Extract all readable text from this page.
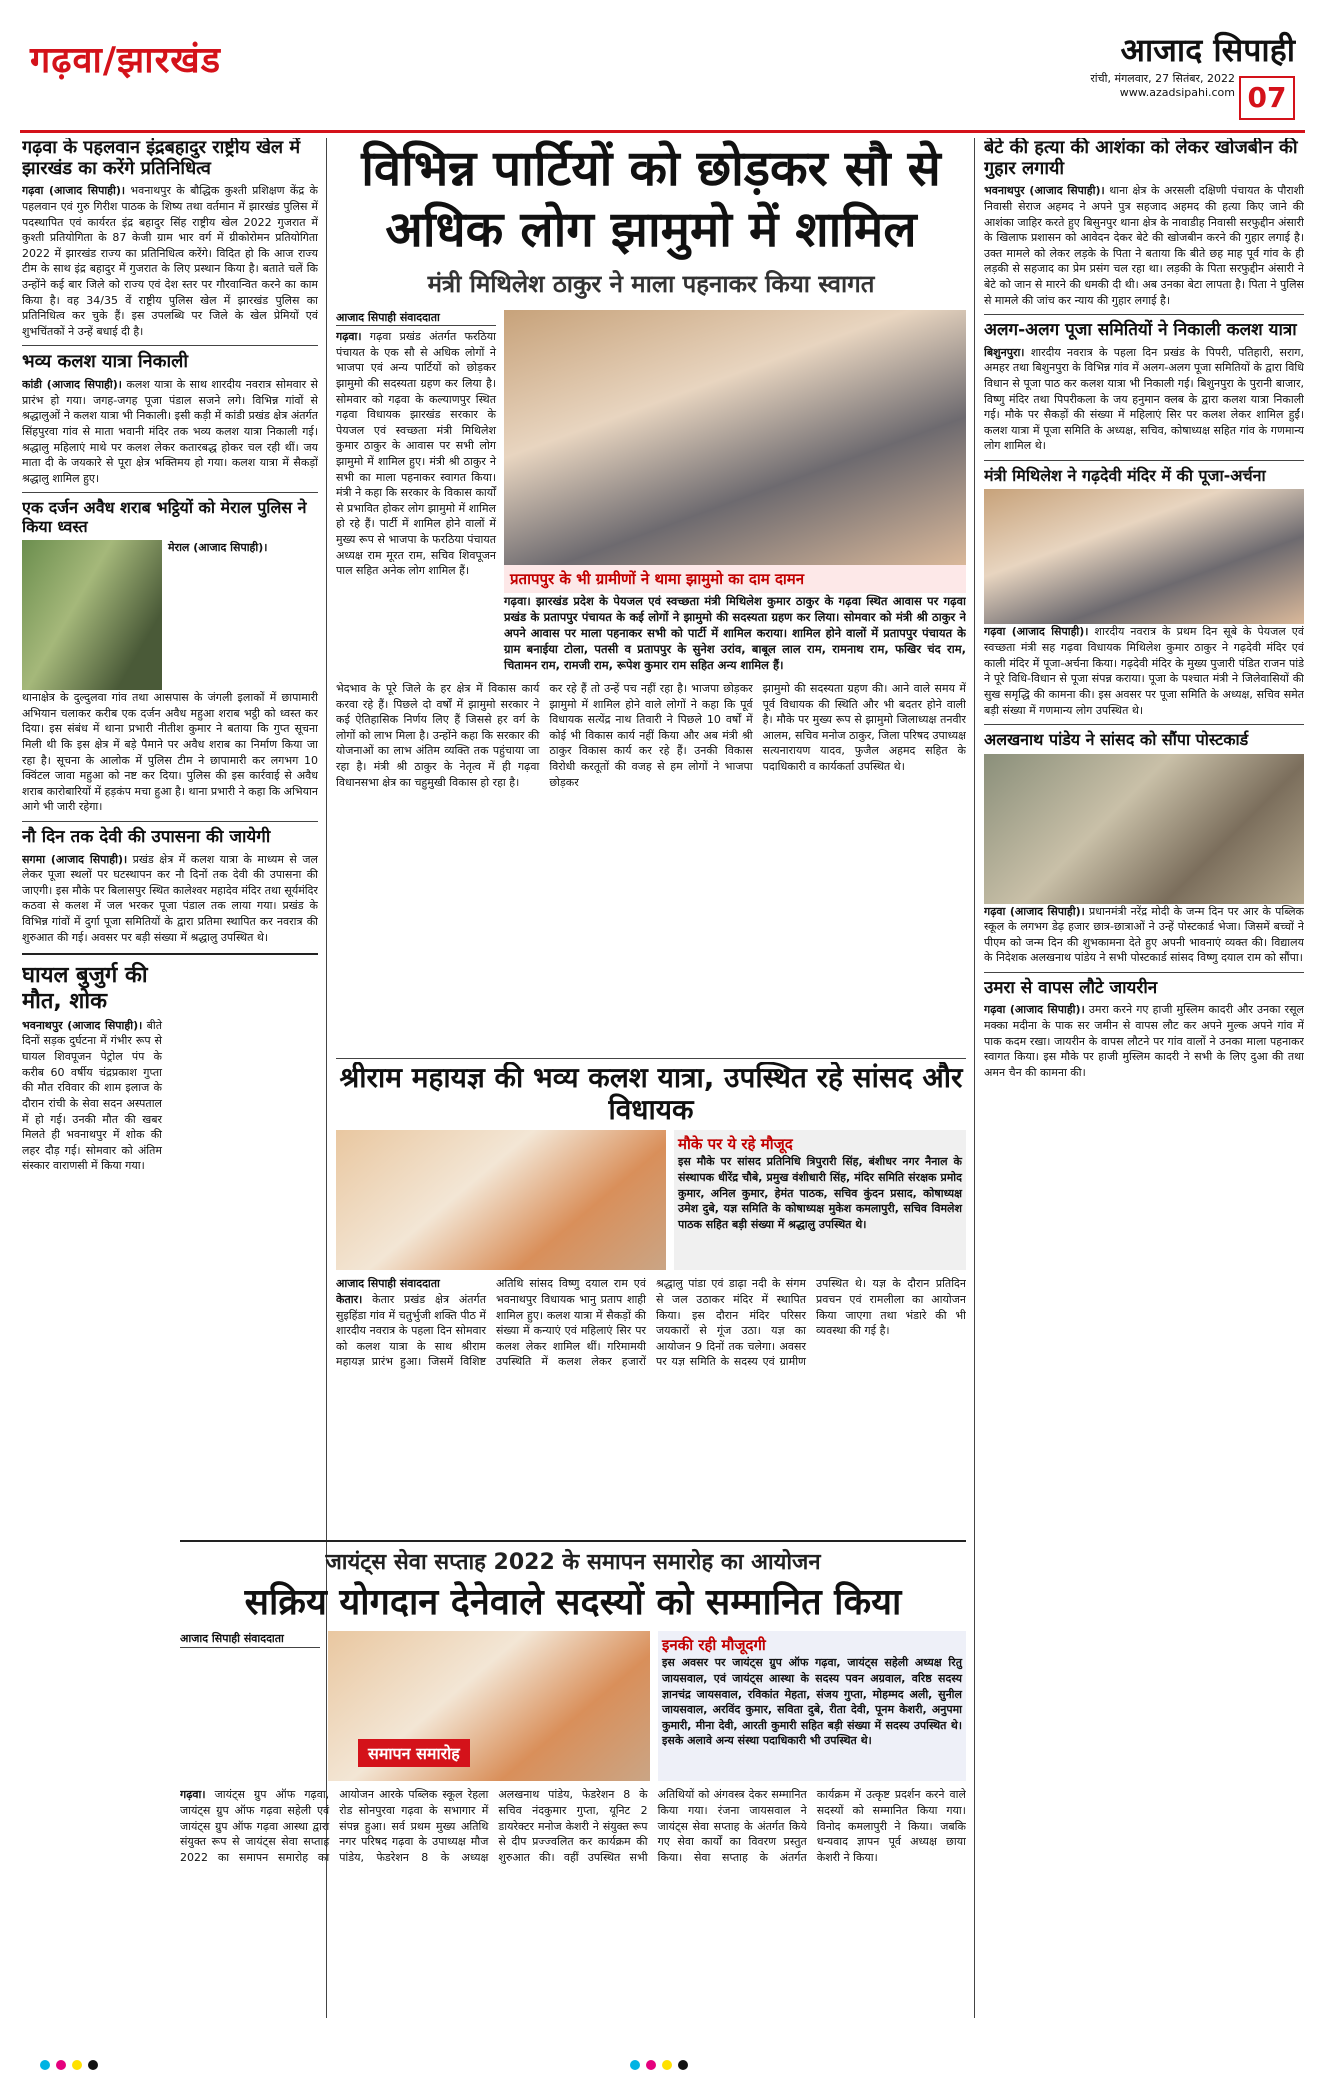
गढ़वा/झारखंड	आजाद सिपाही
रांची, मंगलवार, 27 सितंबर, 2022
www.azadsipahi.com 07
गढ़वा के पहलवान इंद्रबहादुर राष्ट्रीय खेल में झारखंड का करेंगे प्रतिनिधित्व
गढ़वा (आजाद सिपाही)। भवनाथपुर के बौद्धिक कुश्ती प्रशिक्षण केंद्र के पहलवान एवं गुरु गिरीश पाठक के शिष्य तथा वर्तमान में झारखंड पुलिस में पदस्थापित एवं कार्यरत इंद्र बहादुर सिंह राष्ट्रीय खेल 2022 गुजरात में कुश्ती प्रतियोगिता के 87 केजी ग्राम भार वर्ग में ग्रीकोरोमन प्रतियोगिता 2022 में झारखंड राज्य का प्रतिनिधित्व करेंगे। विदित हो कि आज राज्य टीम के साथ इंद्र बहादुर में गुजरात के लिए प्रस्थान किया है। बताते चलें कि उन्होंने कई बार जिले को राज्य एवं देश स्तर पर गौरवान्वित करने का काम किया है। वह 34/35 वें राष्ट्रीय पुलिस खेल में झारखंड पुलिस का प्रतिनिधित्व कर चुके हैं। इस उपलब्धि पर जिले के खेल प्रेमियों एवं शुभचिंतकों ने उन्हें बधाई दी है।
भव्य कलश यात्रा निकाली
कांडी (आजाद सिपाही)। कलश यात्रा के साथ शारदीय नवरात्र सोमवार से प्रारंभ हो गया। जगह-जगह पूजा पंडाल सजने लगे। विभिन्न गांवों से श्रद्धालुओं ने कलश यात्रा भी निकाली। इसी कड़ी में कांडी प्रखंड क्षेत्र अंतर्गत सिंहपुरवा गांव से माता भवानी मंदिर तक भव्य कलश यात्रा निकाली गई। श्रद्धालु महिलाएं माथे पर कलश लेकर कतारबद्ध होकर चल रही थीं। जय माता दी के जयकारे से पूरा क्षेत्र भक्तिमय हो गया। कलश यात्रा में सैकड़ों श्रद्धालु शामिल हुए।
एक दर्जन अवैध शराब भट्ठियों को मेराल पुलिस ने किया ध्वस्त
मेराल (आजाद सिपाही)।
थानाक्षेत्र के दुल्दुलवा गांव तथा आसपास के जंगली इलाकों में छापामारी अभियान चलाकर करीब एक दर्जन अवैध महुआ शराब भट्ठी को ध्वस्त कर दिया। इस संबंध में थाना प्रभारी नीतीश कुमार ने बताया कि गुप्त सूचना मिली थी कि इस क्षेत्र में बड़े पैमाने पर अवैध शराब का निर्माण किया जा रहा है। सूचना के आलोक में पुलिस टीम ने छापामारी कर लगभग 10 क्विंटल जावा महुआ को नष्ट कर दिया। पुलिस की इस कार्रवाई से अवैध शराब कारोबारियों में हड़कंप मचा हुआ है। थाना प्रभारी ने कहा कि अभियान आगे भी जारी रहेगा।
नौ दिन तक देवी की उपासना की जायेगी
सगमा (आजाद सिपाही)। प्रखंड क्षेत्र में कलश यात्रा के माध्यम से जल लेकर पूजा स्थलों पर घटस्थापन कर नौ दिनों तक देवी की उपासना की जाएगी। इस मौके पर बिलासपुर स्थित कालेश्वर महादेव मंदिर तथा सूर्यमंदिर कठवा से कलश में जल भरकर पूजा पंडाल तक लाया गया। प्रखंड के विभिन्न गांवों में दुर्गा पूजा समितियों के द्वारा प्रतिमा स्थापित कर नवरात्र की शुरुआत की गई। अवसर पर बड़ी संख्या में श्रद्धालु उपस्थित थे।
घायल बुजुर्ग की मौत, शोक
भवनाथपुर (आजाद सिपाही)। बीते दिनों सड़क दुर्घटना में गंभीर रूप से घायल शिवपूजन पेट्रोल पंप के करीब 60 वर्षीय चंद्रप्रकाश गुप्ता की मौत रविवार की शाम इलाज के दौरान रांची के सेवा सदन अस्पताल में हो गई। उनकी मौत की खबर मिलते ही भवनाथपुर में शोक की लहर दौड़ गई। सोमवार को अंतिम संस्कार वाराणसी में किया गया।
विभिन्न पार्टियों को छोड़कर सौ से अधिक लोग झामुमो में शामिल
मंत्री मिथिलेश ठाकुर ने माला पहनाकर किया स्वागत
आजाद सिपाही संवाददाता
गढ़वा। गढ़वा प्रखंड अंतर्गत फरठिया पंचायत के एक सौ से अधिक लोगों ने भाजपा एवं अन्य पार्टियों को छोड़कर झामुमो की सदस्यता ग्रहण कर लिया है। सोमवार को गढ़वा के कल्याणपुर स्थित गढ़वा विधायक झारखंड सरकार के पेयजल एवं स्वच्छता मंत्री मिथिलेश कुमार ठाकुर के आवास पर सभी लोग झामुमो में शामिल हुए। मंत्री श्री ठाकुर ने सभी का माला पहनाकर स्वागत किया। मंत्री ने कहा कि सरकार के विकास कार्यों से प्रभावित होकर लोग झामुमो में शामिल हो रहे हैं। पार्टी में शामिल होने वालों में मुख्य रूप से भाजपा के फरठिया पंचायत अध्यक्ष राम मूरत राम, सचिव शिवपूजन पाल सहित अनेक लोग शामिल हैं।	प्रतापपुर के भी ग्रामीणों ने थामा झामुमो का दाम दामन
गढ़वा। झारखंड प्रदेश के पेयजल एवं स्वच्छता मंत्री मिथिलेश कुमार ठाकुर के गढ़वा स्थित आवास पर गढ़वा प्रखंड के प्रतापपुर पंचायत के कई लोगों ने झामुमो की सदस्यता ग्रहण कर लिया। सोमवार को मंत्री श्री ठाकुर ने अपने आवास पर माला पहनाकर सभी को पार्टी में शामिल कराया। शामिल होने वालों में प्रतापपुर पंचायत के ग्राम बनाईया टोला, पतसी व प्रतापपुर के सुनेश उरांव, बाबूल लाल राम, रामनाथ राम, फखिर चंद राम, चितामन राम, रामजी राम, रूपेश कुमार राम सहित अन्य शामिल हैं।
भेदभाव के पूरे जिले के हर क्षेत्र में विकास कार्य करवा रहे हैं। पिछले दो वर्षों में झामुमो सरकार ने कई ऐतिहासिक निर्णय लिए हैं जिससे हर वर्ग के लोगों को लाभ मिला है। उन्होंने कहा कि सरकार की योजनाओं का लाभ अंतिम व्यक्ति तक पहुंचाया जा रहा है। मंत्री श्री ठाकुर के नेतृत्व में ही गढ़वा विधानसभा क्षेत्र का चहुमुखी विकास हो रहा है।
कर रहे हैं तो उन्हें पच नहीं रहा है। भाजपा छोड़कर झामुमो में शामिल होने वाले लोगों ने कहा कि पूर्व विधायक सत्येंद्र नाथ तिवारी ने पिछले 10 वर्षों में कोई भी विकास कार्य नहीं किया और अब मंत्री श्री ठाकुर विकास कार्य कर रहे हैं। उनकी विकास विरोधी करतूतों की वजह से हम लोगों ने भाजपा छोड़कर
झामुमो की सदस्यता ग्रहण की। आने वाले समय में पूर्व विधायक की स्थिति और भी बदतर होने वाली है। मौके पर मुख्य रूप से झामुमो जिलाध्यक्ष तनवीर आलम, सचिव मनोज ठाकुर, जिला परिषद उपाध्यक्ष सत्यनारायण यादव, फुजैल अहमद सहित के पदाधिकारी व कार्यकर्ता उपस्थित थे।
श्रीराम महायज्ञ की भव्य कलश यात्रा, उपस्थित रहे सांसद और विधायक
मौके पर ये रहे मौजूद
इस मौके पर सांसद प्रतिनिधि त्रिपुरारी सिंह, बंशीधर नगर नैनाल के संस्थापक धीरेंद्र चौबे, प्रमुख वंशीधारी सिंह, मंदिर समिति संरक्षक प्रमोद कुमार, अनिल कुमार, हेमंत पाठक, सचिव कुंदन प्रसाद, कोषाध्यक्ष उमेश दुबे, यज्ञ समिति के कोषाध्यक्ष मुकेश कमलापुरी, सचिव विमलेश पाठक सहित बड़ी संख्या में श्रद्धालु उपस्थित थे।
आजाद सिपाही संवाददाता
केतार। केतार प्रखंड क्षेत्र अंतर्गत सुइहिंडा गांव में चतुर्भुजी शक्ति पीठ में शारदीय नवरात्र के पहला दिन सोमवार को कलश यात्रा के साथ श्रीराम महायज्ञ प्रारंभ हुआ। जिसमें विशिष्ट अतिथि सांसद विष्णु दयाल राम एवं भवनाथपुर विधायक भानु प्रताप शाही शामिल हुए। कलश यात्रा में सैकड़ों की संख्या में कन्याएं एवं महिलाएं सिर पर कलश लेकर शामिल थीं। गरिमामयी उपस्थिति में कलश लेकर हजारों श्रद्धालु पांडा एवं डाढ़ा नदी के संगम से जल उठाकर मंदिर में स्थापित किया। इस दौरान मंदिर परिसर जयकारों से गूंज उठा। यज्ञ का आयोजन 9 दिनों तक चलेगा। अवसर पर यज्ञ समिति के सदस्य एवं ग्रामीण उपस्थित थे। यज्ञ के दौरान प्रतिदिन प्रवचन एवं रामलीला का आयोजन किया जाएगा तथा भंडारे की भी व्यवस्था की गई है।
बेटे की हत्या की आशंका को लेकर खोजबीन की गुहार लगायी
भवनाथपुर (आजाद सिपाही)। थाना क्षेत्र के अरसली दक्षिणी पंचायत के पौराशी निवासी सेराज अहमद ने अपने पुत्र सहजाद अहमद की हत्या किए जाने की आशंका जाहिर करते हुए बिसुनपुर थाना क्षेत्र के नावाडीह निवासी सरफुद्दीन अंसारी के खिलाफ प्रशासन को आवेदन देकर बेटे की खोजबीन करने की गुहार लगाई है। उक्त मामले को लेकर लड़के के पिता ने बताया कि बीते छह माह पूर्व गांव के ही लड़की से सहजाद का प्रेम प्रसंग चल रहा था। लड़की के पिता सरफुद्दीन अंसारी ने बेटे को जान से मारने की धमकी दी थी। अब उनका बेटा लापता है। पिता ने पुलिस से मामले की जांच कर न्याय की गुहार लगाई है।
अलग-अलग पूजा समितियों ने निकाली कलश यात्रा
बिशुनपुरा। शारदीय नवरात्र के पहला दिन प्रखंड के पिपरी, पतिहारी, सराग, अमहर तथा बिशुनपुरा के विभिन्न गांव में अलग-अलग पूजा समितियों के द्वारा विधि विधान से पूजा पाठ कर कलश यात्रा भी निकाली गई। बिशुनपुरा के पुरानी बाजार, विष्णु मंदिर तथा पिपरीकला के जय हनुमान क्लब के द्वारा कलश यात्रा निकाली गई। मौके पर सैकड़ों की संख्या में महिलाएं सिर पर कलश लेकर शामिल हुईं। कलश यात्रा में पूजा समिति के अध्यक्ष, सचिव, कोषाध्यक्ष सहित गांव के गणमान्य लोग शामिल थे।
मंत्री मिथिलेश ने गढ़देवी मंदिर में की पूजा-अर्चना
गढ़वा (आजाद सिपाही)। शारदीय नवरात्र के प्रथम दिन सूबे के पेयजल एवं स्वच्छता मंत्री सह गढ़वा विधायक मिथिलेश कुमार ठाकुर ने गढ़देवी मंदिर एवं काली मंदिर में पूजा-अर्चना किया। गढ़देवी मंदिर के मुख्य पुजारी पंडित राजन पांडे ने पूरे विधि-विधान से पूजा संपन्न कराया। पूजा के पश्चात मंत्री ने जिलेवासियों की सुख समृद्धि की कामना की। इस अवसर पर पूजा समिति के अध्यक्ष, सचिव समेत बड़ी संख्या में गणमान्य लोग उपस्थित थे।
अलखनाथ पांडेय ने सांसद को सौंपा पोस्टकार्ड
गढ़वा (आजाद सिपाही)। प्रधानमंत्री नरेंद्र मोदी के जन्म दिन पर आर के पब्लिक स्कूल के लगभग डेढ़ हजार छात्र-छात्राओं ने उन्हें पोस्टकार्ड भेजा। जिसमें बच्चों ने पीएम को जन्म दिन की शुभकामना देते हुए अपनी भावनाएं व्यक्त की। विद्यालय के निदेशक अलखनाथ पांडेय ने सभी पोस्टकार्ड सांसद विष्णु दयाल राम को सौंपा।
उमरा से वापस लौटे जायरीन
गढ़वा (आजाद सिपाही)। उमरा करने गए हाजी मुस्लिम कादरी और उनका रसूल मक्का मदीना के पाक सर जमीन से वापस लौट कर अपने मुल्क अपने गांव में पाक कदम रखा। जायरीन के वापस लौटने पर गांव वालों ने उनका माला पहनाकर स्वागत किया। इस मौके पर हाजी मुस्लिम कादरी ने सभी के लिए दुआ की तथा अमन चैन की कामना की।
जायंट्स सेवा सप्ताह 2022 के समापन समारोह का आयोजन
सक्रिय योगदान देनेवाले सदस्यों को सम्मानित किया
आजाद सिपाही संवाददाता
समापन समारोह
इनकी रही मौजूदगी
इस अवसर पर जायंट्स ग्रुप ऑफ गढ़वा, जायंट्स सहेली अध्यक्ष रितु जायसवाल, एवं जायंट्स आस्था के सदस्य पवन अग्रवाल, वरिष्ठ सदस्य ज्ञानचंद्र जायसवाल, रविकांत मेहता, संजय गुप्ता, मोहम्मद अली, सुनील जायसवाल, अरविंद कुमार, सविता दुबे, रीता देवी, पूनम केशरी, अनुपमा कुमारी, मीना देवी, आरती कुमारी सहित बड़ी संख्या में सदस्य उपस्थित थे। इसके अलावे अन्य संस्था पदाधिकारी भी उपस्थित थे।
गढ़वा। जायंट्स ग्रुप ऑफ गढ़वा, जायंट्स ग्रुप ऑफ गढ़वा सहेली एवं जायंट्स ग्रुप ऑफ गढ़वा आस्था द्वारा संयुक्त रूप से जायंट्स सेवा सप्ताह 2022 का समापन समारोह का आयोजन आरके पब्लिक स्कूल रेहला रोड सोनपुरवा गढ़वा के सभागार में संपन्न हुआ। सर्व प्रथम मुख्य अतिथि नगर परिषद गढ़वा के उपाध्यक्ष मौज पांडेय, फेडरेशन 8 के अध्यक्ष अलखनाथ पांडेय, फेडरेशन 8 के सचिव नंदकुमार गुप्ता, यूनिट 2 डायरेक्टर मनोज केशरी ने संयुक्त रूप से दीप प्रज्ज्वलित कर कार्यक्रम की शुरुआत की। वहीं उपस्थित सभी अतिथियों को अंगवस्त्र देकर सम्मानित किया गया। रंजना जायसवाल ने जायंट्स सेवा सप्ताह के अंतर्गत किये गए सेवा कार्यों का विवरण प्रस्तुत किया। सेवा सप्ताह के अंतर्गत कार्यक्रम में उत्कृष्ट प्रदर्शन करने वाले सदस्यों को सम्मानित किया गया। विनोद कमलापुरी ने किया। जबकि धन्यवाद ज्ञापन पूर्व अध्यक्ष छाया केशरी ने किया।
